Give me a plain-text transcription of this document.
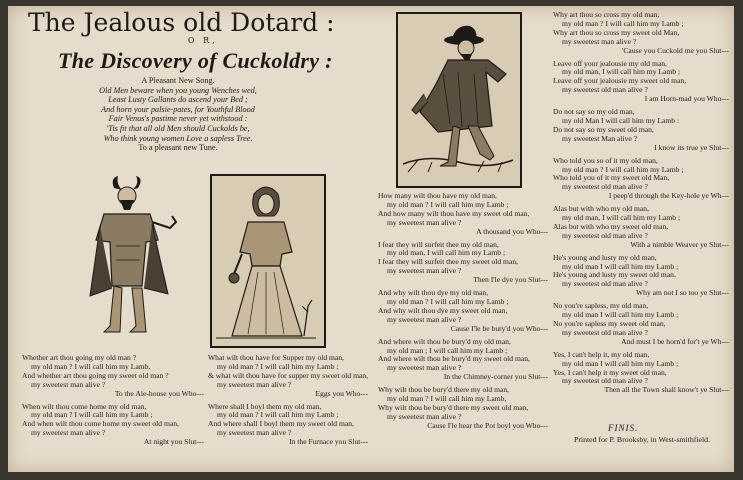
The Jealous old Dotard :
O R,
The Discovery of Cuckoldry :
A Pleasant New Song.
Old Men beware when you young Wenches wed,
Least Lusty Gallants do ascend your Bed ;
And horn your palsie-pates, for Youthful Blood
Fair Venus's pastime never yet withstood :
'Tis fit that all old Men should Cuckolds be,
Who think young women Love a sapless Tree.
To a pleasant new Tune.
Whether art thou going my old man ?
my old man ? I will call him my Lamb,
And whether art thou going my sweet old man ?
my sweetest man alive ?
To the Ale-house you Who---
When wilt thou come home my old man,
my old man ? I will call him my Lamb ;
And when wilt thou come home my sweet old man,
my sweetest man alive ?
At night you Slut---
What wilt thou have for Supper my old man,
my old man ? I will call him my Lamb ;
& what wilt thou have for supper my sweet old man,
my sweetest man alive ?
Eggs you Who---
Where shall I boyl them my old man,
my old man ? I will call him my Lamb ;
And where shall I boyl them my sweet old man,
my sweetest man alive ?
In the Furnace you Slut---
How many wilt thou have my old man,
my old man ? I will call him my Lamb ;
And how many wilt thou have my sweet old man,
my sweetest man alive ?
A thousand you Who---
I fear they will surfeit thee my old man,
my old man, I will call him my Lamb ;
I fear they will surfeit thee my sweet old man,
my sweetest man alive ?
Then I'le dye you Slut---
And why wilt thou dye my old man,
my old man ? I will call him my Lamb ;
And why wilt thou dye my sweet old man,
my sweetest man alive ?
Cause I'le be bury'd you Who---
And where wilt thou be bury'd my old man,
my old man ; I will call him my Lamb ;
And where wilt thou be bury'd my sweet old man,
my sweetest man alive ?
In the Chimney-corner you Slut---
Why wilt thou be bury'd there my old man,
my old man ? I will call him my Lamb,
Why wilt thou be bury'd there my sweet old man,
my sweetest man alive ?
Cause I'le hear the Pot boyl you Who---
Why art thou so cross my old man,
my old man ? I will call him my Lamb ;
Why art thou so cross my sweet old Man,
my sweetest man alive ?
'Cause you Cuckold me you Slut---
Leave off your jealousie my old man,
my old man, I will call him my Lamb ;
Leave off your jealousie my sweet old man,
my sweetest old man alive ?
I am Horn-mad you Who---
Do not say so my old man,
my old Man I will call him my Lamb :
Do not say so my sweet old man,
my sweetest Man alive ?
I know its true ye Slut---
Who told you so of it my old man,
my old man ? I will call him my Lamb ;
Who told you of it my sweet old Man,
my sweetest old man alive ?
I peep'd through the Key-hole ye Wh---
Alas but with who my old man,
my old man, I will call him my Lamb ;
Alas but with who my sweet old man,
my sweetest old man alive ?
With a nimble Weaver ye Slut---
He's young and lusty my old man,
my old man I will call him my Lamb ;
He's young and lusty my sweet old man,
my sweetest old man alive ?
Why am not I so too ye Slut---
No you're sapless, my old man,
my old man I will call him my Lamb ;
No you're sapless my sweet old man,
my sweetest old man alive ?
And must I be horn'd for't ye Wh---
Yes, I can't help it, my old man,
my old man I will call him my Lamb ;
Yes, I can't help it my sweet old man,
my sweetest old man alive ?
Then all the Town shall know't ye Slut---
FINIS.
Printed for P. Brooksby, in West-smithfield.
